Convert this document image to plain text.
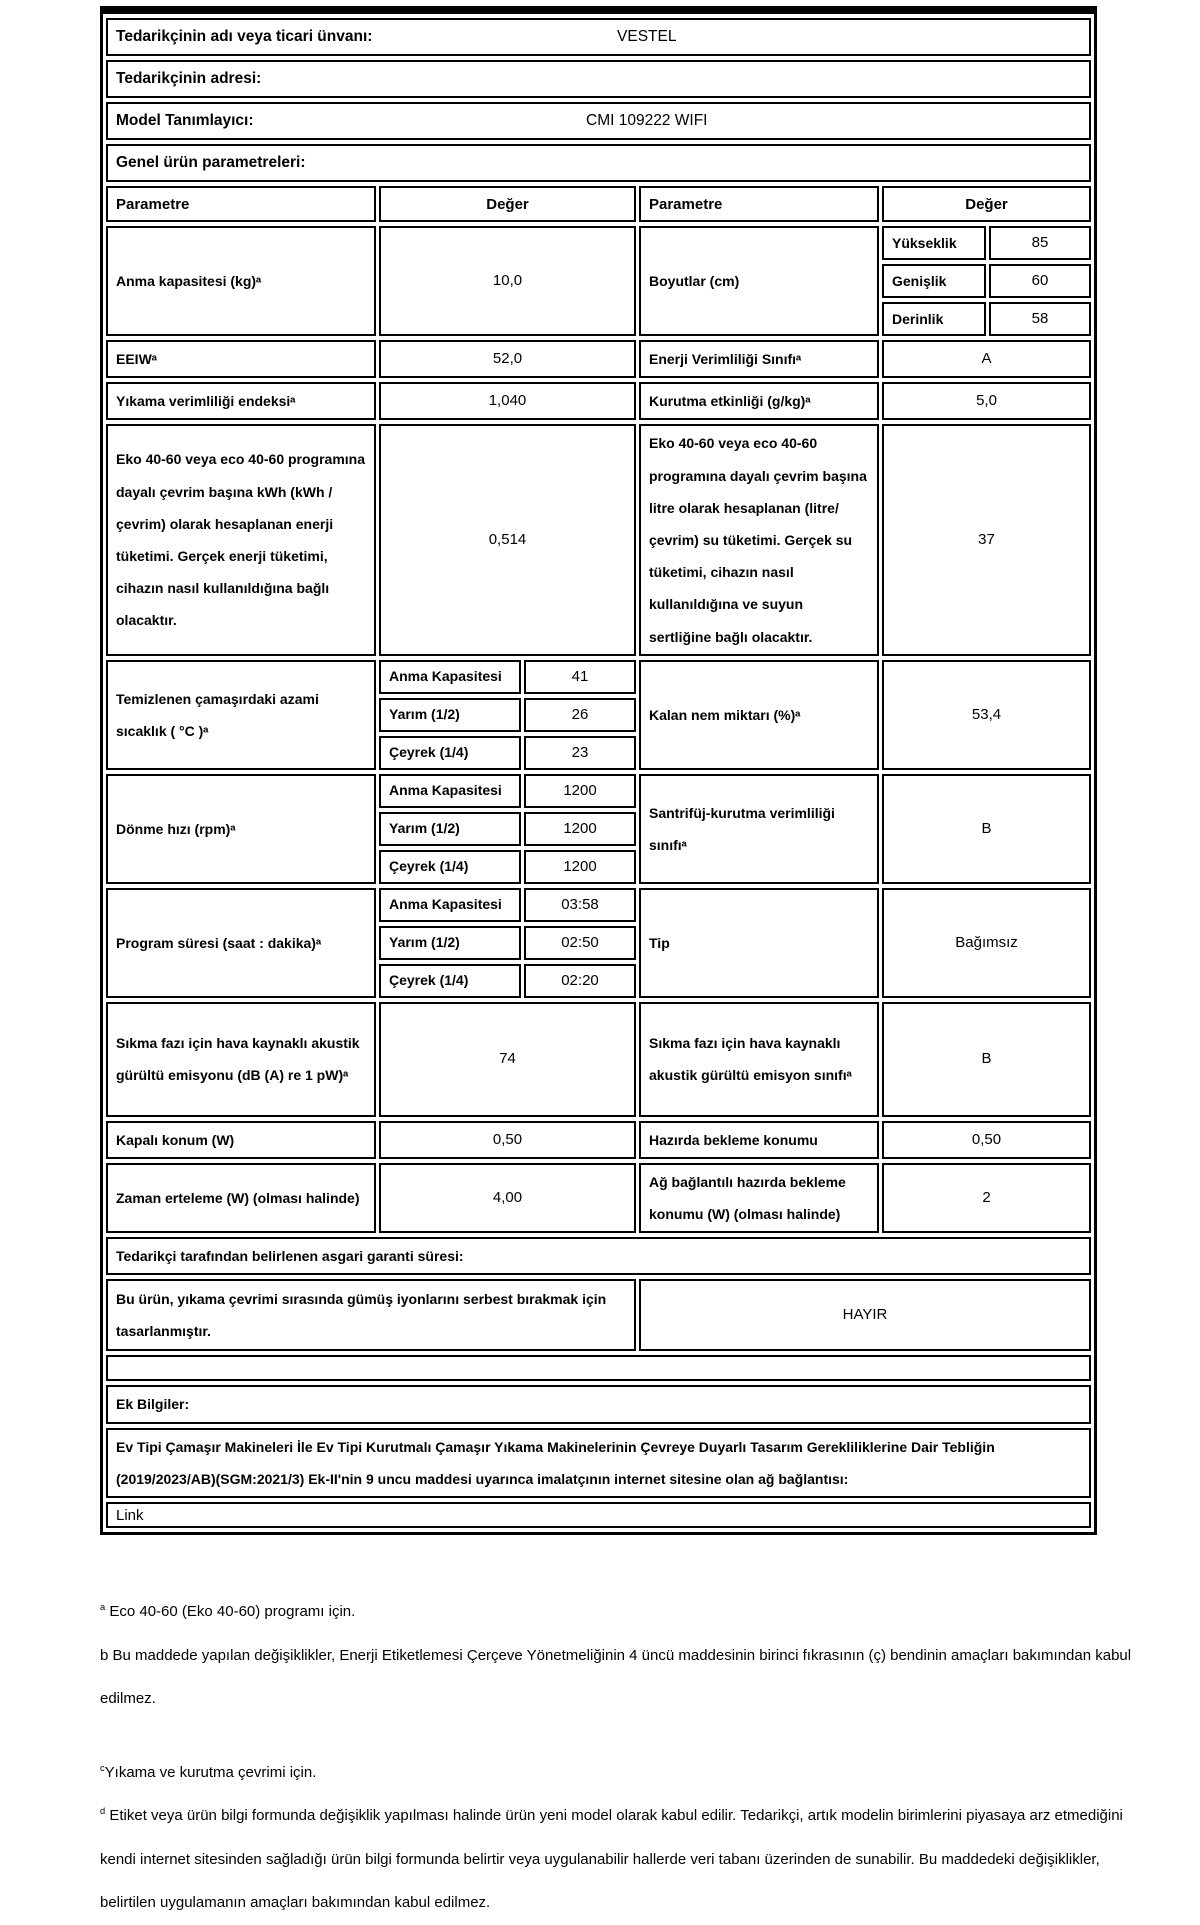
Tedarikçinin adı veya ticari ünvanı: VESTEL					

Tedarikçinin adresi:					

Model Tanımlayıcı: CMI 109222 WIFI					

Genel ürün parametreleri:					

Parametre	Değer		Parametre	Değer	
Anma kapasitesi (kg)ᵃ	10,0		Boyutlar (cm)	Yükseklik	85
				Genişlik	60
				Derinlik	58
EEIWᵃ	52,0		Enerji Verimliliği Sınıfıᵃ	A	
Yıkama verimliliği endeksiᵃ	1,040		Kurutma etkinliği (g/kg)ᵃ	5,0	
Eko 40-60 veya eco 40-60 programına dayalı çevrim başına kWh (kWh / çevrim) olarak hesaplanan enerji tüketimi. Gerçek enerji tüketimi, cihazın nasıl kullanıldığına bağlı olacaktır.	0,514		Eko 40-60 veya eco 40-60 programına dayalı çevrim başına litre olarak hesaplanan (litre/çevrim) su tüketimi. Gerçek su tüketimi, cihazın nasıl kullanıldığına ve suyun sertliğine bağlı olacaktır.	37	
Temizlenen çamaşırdaki azami sıcaklık ( °C )ᵃ	Anma Kapasitesi	41	Kalan nem miktarı (%)ᵃ	53,4	
	Yarım (1/2)	26			
	Çeyrek (1/4)	23			
Dönme hızı (rpm)ᵃ	Anma Kapasitesi	1200	Santrifüj-kurutma verimliliği sınıfıᵃ	B	
	Yarım (1/2)	1200			
	Çeyrek (1/4)	1200			
Program süresi (saat : dakika)ᵃ	Anma Kapasitesi	03:58	Tip	Bağımsız	
	Yarım (1/2)	02:50			
	Çeyrek (1/4)	02:20			
Sıkma fazı için hava kaynaklı akustik gürültü emisyonu (dB (A) re 1 pW)ᵃ	74		Sıkma fazı için hava kaynaklı akustik gürültü emisyon sınıfıᵃ	B	
Kapalı konum (W)	0,50		Hazırda bekleme konumu	0,50	
Zaman erteleme (W) (olması halinde)	4,00		Ağ bağlantılı hazırda bekleme konumu (W) (olması halinde)	2	
Tedarikçi tarafından belirlenen asgari garanti süresi:					
Bu ürün, yıkama çevrimi sırasında gümüş iyonlarını serbest bırakmak için tasarlanmıştır.			HAYIR		

Ek Bilgiler:					
Ev Tipi Çamaşır Makineleri İle Ev Tipi Kurutmalı Çamaşır Yıkama Makinelerinin Çevreye Duyarlı Tasarım Gerekliliklerine Dair Tebliğin (2019/2023/AB)(SGM:2021/3) Ek-II'nin 9 uncu maddesi uyarınca imalatçının internet sitesine olan ağ bağlantısı:					
Link					
$^a$ Eco 40-60 (Eko 40-60) programı için.
b Bu maddede yapılan değişiklikler, Enerji Etiketlemesi Çerçeve Yönetmeliğinin 4 üncü maddesinin birinci fıkrasının (ç) bendinin amaçları bakımından kabul edilmez.
$^c$Yıkama ve kurutma çevrimi için.
$^d$ Etiket veya ürün bilgi formunda değişiklik yapılması halinde ürün yeni model olarak kabul edilir. Tedarikçi, artık modelin birimlerini piyasaya arz etmediğini kendi internet sitesinden sağladığı ürün bilgi formunda belirtir veya uygulanabilir hallerde veri tabanı üzerinden de sunabilir. Bu maddedeki değişiklikler, belirtilen uygulamanın amaçları bakımından kabul edilmez.
